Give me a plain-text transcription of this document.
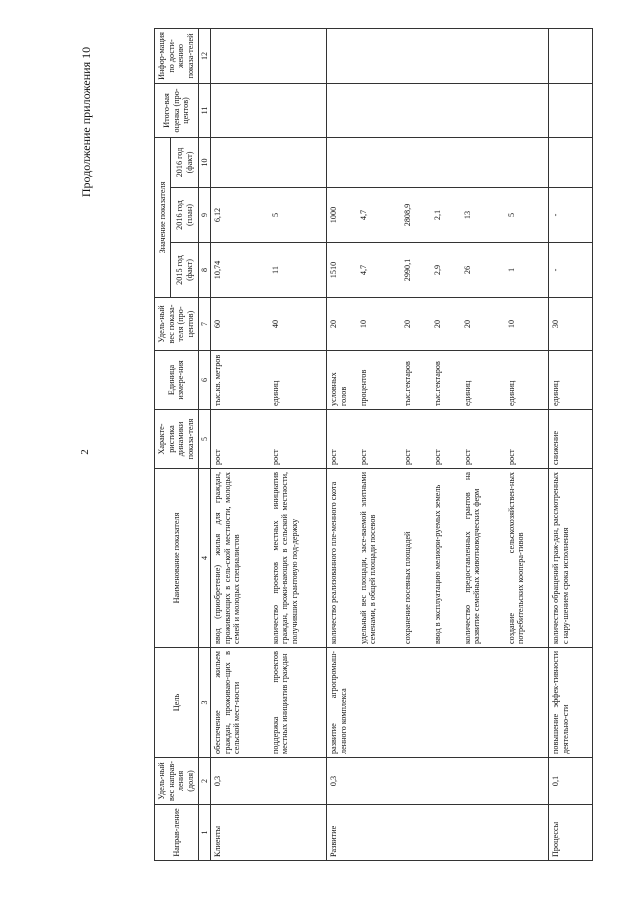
2
Продолжение приложения 10
Направ-ление	Удель-ный вес направ-ления (доля)	Цель	Наименование показателя	Характе-ристика динамики показа-теля	Единица измере-ния	Удель-ный вес показа-теля (про-центов)	Значение показателя			Итого-вая оценка (про-центов)	Инфор-мация по дости-жению показа-телей
							2015 год (факт)	2016 год (план)	2016 год (факт)		
1	2	3	4	5	6	7	8	9	10	11	12
Клиенты	0,3	обеспечение жильем граждан, проживаю-щих в сельской мест-ности	ввод (приобретение) жилья для граждан, проживающих в сель-ской местности, молодых семей и молодых специалистов	рост	тыс.кв. метров	60	10,74	6,12			
		поддержка проектов местных инициатив граждан	количество проектов местных инициатив граждан, прожи-вающих в сельской местности, получивших грантовую под-держку	рост	единиц	40	11	5			
Развитие	0,3	развитие агропромыш-ленного комплекса	количество реализованного пле-менного скота	рост	условных голов	20	1510	1000			
			удельный вес площади, засе-ваемой элитными семенами, в общей площади посевов	рост	процентов	10	4,7	4,7			
			сохранение посевных площадей	рост	тыс.гектаров	20	2990,1	2808,9			
			ввод в эксплуатацию мелиори-руемых земель	рост	тыс.гектаров	20	2,9	2,1			
			количество предоставленных грантов на развитие семейных животноводческих ферм	рост	единиц	20	26	13			
			создание сельскохозяйствен-ных потребительских коопера-тивов	рост	единиц	10	1	5			
Процессы	0,1	повышение эффек-тивности деятельно-сти	количество обращений граж-дан, рассмотренных с нару-шением срока исполнения	снижение	единиц	30	-	-			
